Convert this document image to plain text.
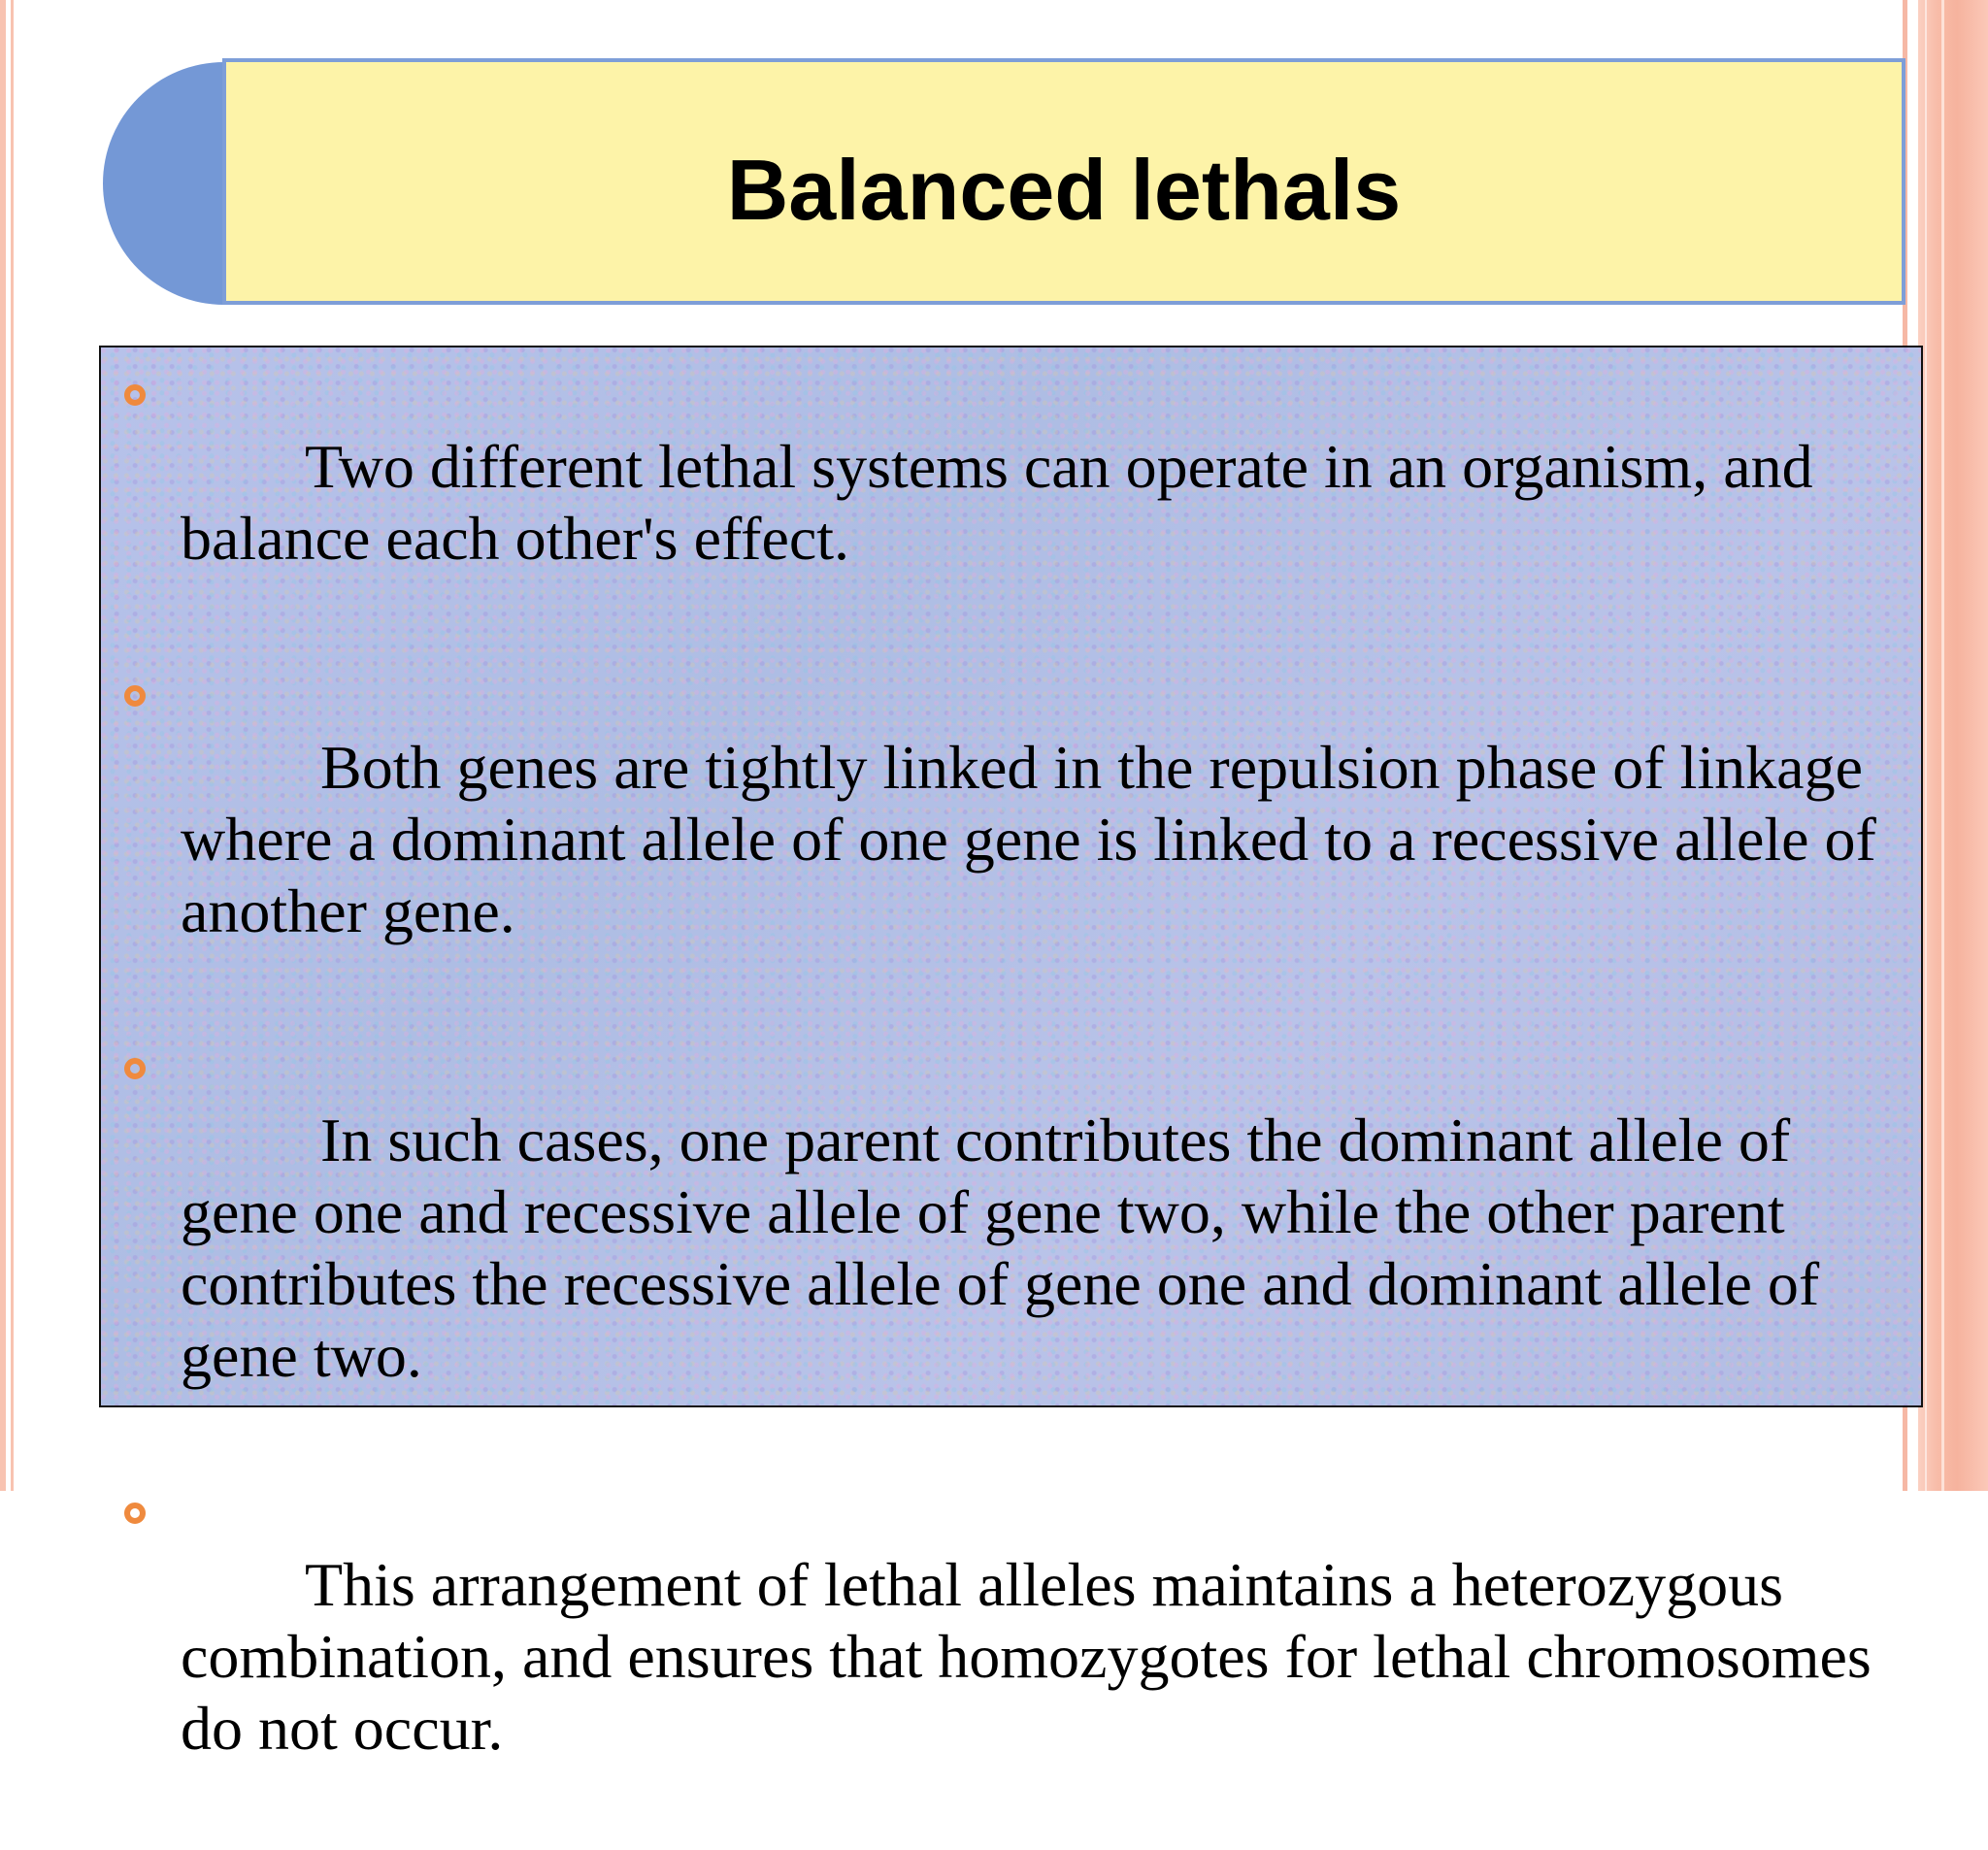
Balanced lethals

Two different lethal systems can operate in an organism, and balance each other's effect.

Both genes are tightly linked in the repulsion phase of linkage where a dominant allele of one gene is linked to a recessive allele of another gene.

In such cases, one parent contributes the dominant allele of gene one and recessive allele of gene two, while the other parent contributes the recessive allele of gene one and dominant allele of gene two.

This arrangement of lethal alleles maintains a heterozygous combination, and ensures that homozygotes for lethal chromosomes do not occur.
